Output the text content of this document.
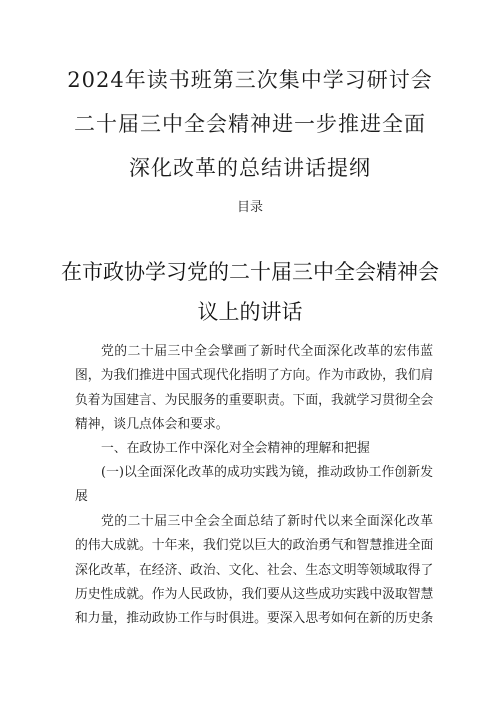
2024年读书班第三次集中学习研讨会
二十届三中全会精神进一步推进全面
深化改革的总结讲话提纲
目录
在市政协学习党的二十届三中全会精神会
议上的讲话
党的二十届三中全会擘画了新时代全面深化改革的宏伟蓝
图，为我们推进中国式现代化指明了方向。作为市政协，我们肩
负着为国建言、为民服务的重要职责。下面，我就学习贯彻全会
精神，谈几点体会和要求。
一、在政协工作中深化对全会精神的理解和把握
(一)以全面深化改革的成功实践为镜，推动政协工作创新发
展
党的二十届三中全会全面总结了新时代以来全面深化改革
的伟大成就。十年来，我们党以巨大的政治勇气和智慧推进全面
深化改革，在经济、政治、文化、社会、生态文明等领域取得了
历史性成就。作为人民政协，我们要从这些成功实践中汲取智慧
和力量，推动政协工作与时俱进。要深入思考如何在新的历史条
